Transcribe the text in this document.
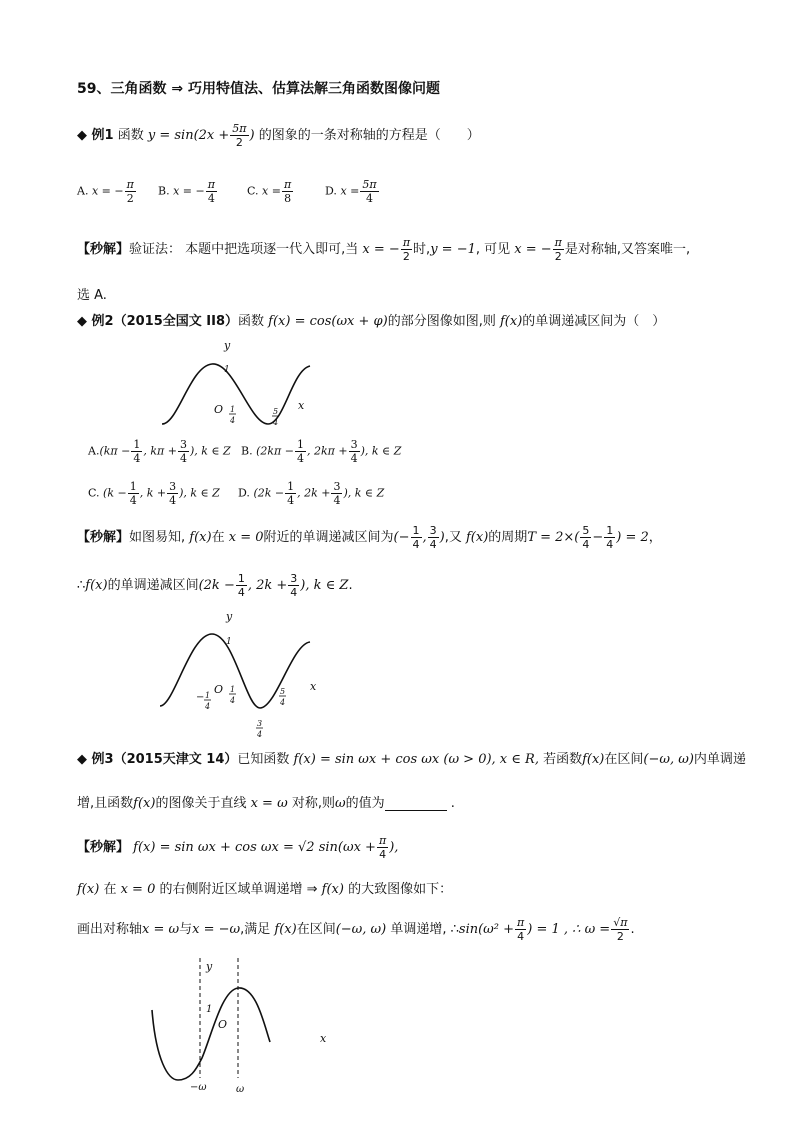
59、三角函数 ⇒ 巧用特值法、估算法解三角函数图像问题
◆ 例1 函数 $y = \sin(2x + \frac{5\pi}{2}$ ) 的图象的一条对称轴的方程是（　　）
A. x = − $\frac{\pi}{2} B$. x = − $\frac{\pi}{4}$	C. $x = \frac{\pi}{8}$	D. $x = \frac{5\pi}{4}$
【秒解】验证法： 本题中把选项逐一代入即可,当 x = − $\frac{\pi}{2}$ 时,y = −1, 可见 x = − $\frac{\pi}{2}$ 是对称轴,又答案唯一,
选 A.
◆ 例2（2015全国文 II8）函数 f(x) = cos(ωx + φ)的部分图像如图,则 f(x)的单调递减区间为（　）
y
1
O 1
4
5
4
x
$A.(k\pi - \frac{1}{4}$ , $k\pi + \frac{3}{4}$ ), k ∈ Z B. ($2k\pi - \frac{1}{4}$ , $2k\pi + \frac{3}{4}$ ), k ∈ Z
C. ($k - \frac{1}{4}$ , $k + \frac{3}{4}$ ), k ∈ Z D. ($2k - \frac{1}{4}$ , $2k + \frac{3}{4}$ ), k ∈ Z
【秒解】如图易知, f(x)在 x = 0附近的单调递减区间为(− $\frac{1}{4}$ , $\frac{3}{4}$ ),又 f(x)的周期$T = 2\times( \frac{5}{4} - \frac{1}{4}$ ) = 2，
∴f(x)的单调递减区间($2k - \frac{1}{4}$ , $2k + \frac{3}{4}$ ), k ∈ Z.
y
1
O
− 1
4
1
4
5
4
3
4
x
◆ 例3（2015天津文 14）已知函数 f(x) = sin ωx + cos ωx (ω > 0), x ∈ R, 若函数f(x)在区间(−ω, ω)内单调递
增,且函数f(x)的图像关于直线 x = ω 对称,则ω的值为	.
【秒解】 f(x) = sin ωx + cos ωx = √2 $\sin(\omega x + \frac{\pi}{4}$ ),
f(x) 在 x = 0 的右侧附近区域单调递增 ⇒ f(x) 的大致图像如下：
画出对称轴x = ω与x = −ω,满足 f(x)在区间(−ω, ω) 单调递增, ∴sin(ω² + $\frac{\pi}{4}$ ) = 1 , ∴ $\omega = \frac{√\pi}{2}$ .
y
1
O
x
−ω	ω
